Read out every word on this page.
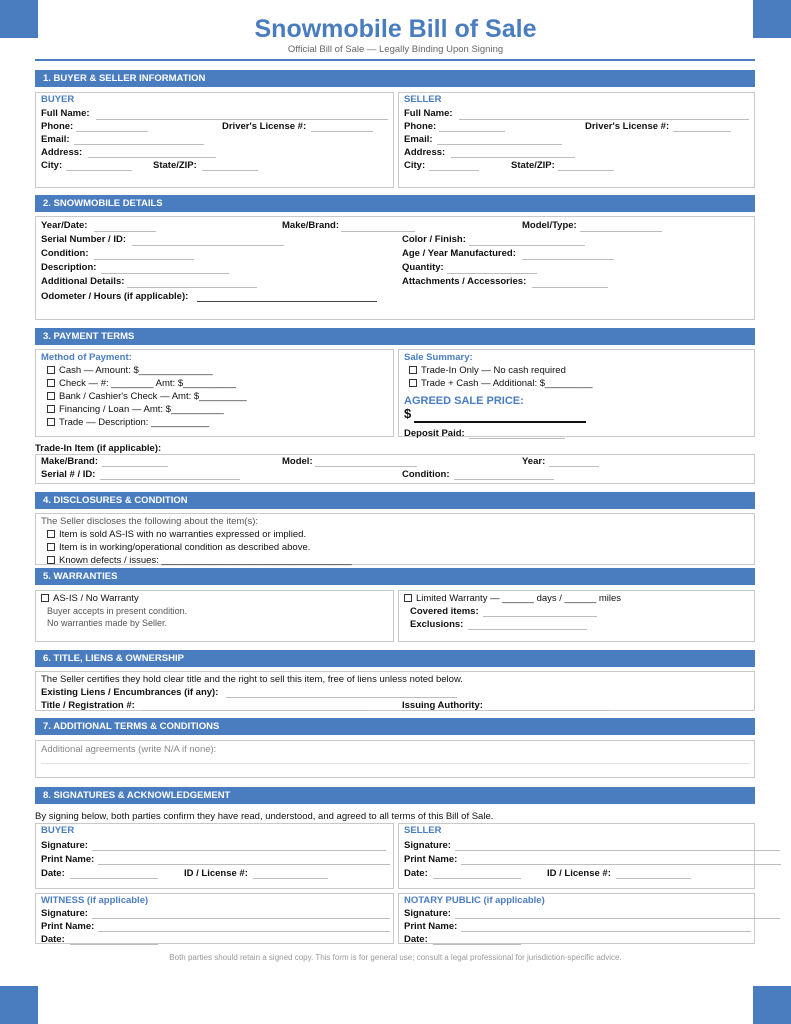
Snowmobile Bill of Sale
Official Bill of Sale — Legally Binding Upon Signing
1. BUYER & SELLER INFORMATION
BUYER
Full Name:
Phone:	Driver's License #:
Email:
Address:
City:	State/ZIP:
SELLER
Full Name:
Phone:	Driver's License #:
Email:
Address:
City:	State/ZIP:
2. SNOWMOBILE DETAILS
Year/Date:	Make/Brand:	Model/Type:
Serial Number / ID:	Color / Finish:
Condition:	Age / Year Manufactured:
Description:	Quantity:
Additional Details:	Attachments / Accessories:
Odometer / Hours (if applicable):
3. PAYMENT TERMS
Method of Payment:
Cash — Amount: $______________
Check — #: ________ Amt: $__________
Bank / Cashier's Check — Amt: $_________
Financing / Loan — Amt: $__________
Trade — Description: ___________
Sale Summary:
Trade-In Only — No cash required
Trade + Cash — Additional: $_________
AGREED SALE PRICE:
$
Deposit Paid:
Trade-In Item (if applicable):
Make/Brand:	Model:	Year:
Serial # / ID:	Condition:
4. DISCLOSURES & CONDITION
The Seller discloses the following about the item(s):
Item is sold AS-IS with no warranties expressed or implied.
Item is in working/operational condition as described above.
Known defects / issues: ____________________________________
5. WARRANTIES
AS-IS / No Warranty
Buyer accepts in present condition.
No warranties made by Seller.
Limited Warranty — ______ days / ______ miles
Covered items:
Exclusions:
6. TITLE, LIENS & OWNERSHIP
The Seller certifies they hold clear title and the right to sell this item, free of liens unless noted below.
Existing Liens / Encumbrances (if any):
Title / Registration #:	Issuing Authority:
7. ADDITIONAL TERMS & CONDITIONS
Additional agreements (write N/A if none):
8. SIGNATURES & ACKNOWLEDGEMENT
By signing below, both parties confirm they have read, understood, and agreed to all terms of this Bill of Sale.
BUYER
Signature:
Print Name:
Date:	ID / License #:
SELLER
Signature:
Print Name:
Date:	ID / License #:
WITNESS (if applicable)
Signature:
Print Name:
Date:
NOTARY PUBLIC (if applicable)
Signature:
Print Name:
Date:
Both parties should retain a signed copy. This form is for general use; consult a legal professional for jurisdiction-specific advice.
